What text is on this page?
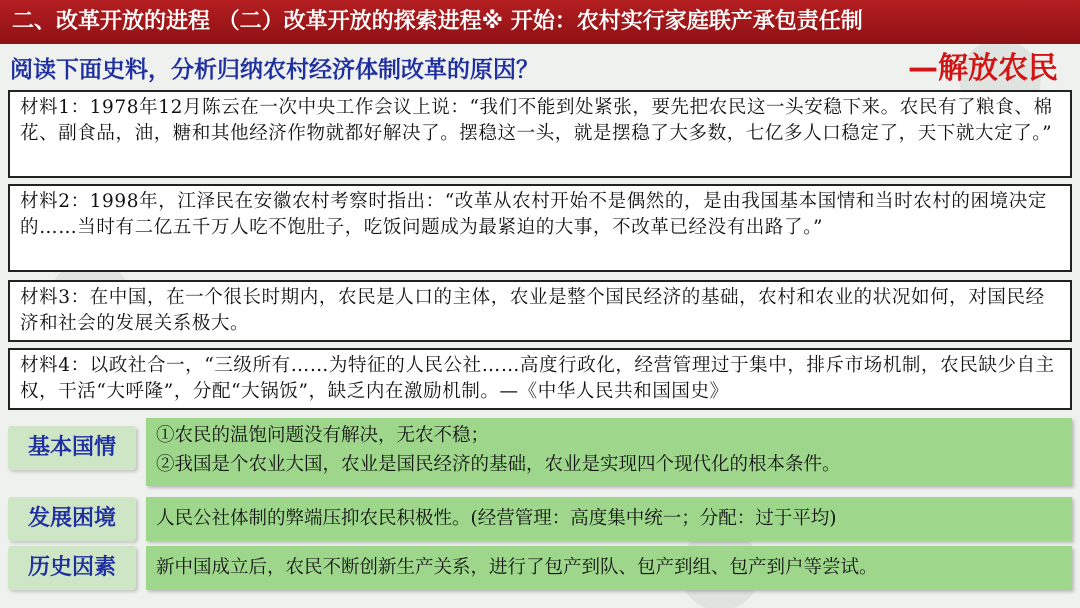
二、改革开放的进程 （二）改革开放的探索进程※ 开始：农村实行家庭联产承包责任制
阅读下面史料，分析归纳农村经济体制改革的原因？	—解放农民
材料1：1978年12月陈云在一次中央工作会议上说：“我们不能到处紧张，要先把农民这一头安稳下来。农民有了粮食、棉花、副食品，油，糖和其他经济作物就都好解决了。摆稳这一头，就是摆稳了大多数，七亿多人口稳定了，天下就大定了。”
材料2：1998年，江泽民在安徽农村考察时指出：“改革从农村开始不是偶然的，是由我国基本国情和当时农村的困境决定的……当时有二亿五千万人吃不饱肚子，吃饭问题成为最紧迫的大事，不改革已经没有出路了。”
材料3：在中国，在一个很长时期内，农民是人口的主体，农业是整个国民经济的基础，农村和农业的状况如何，对国民经济和社会的发展关系极大。
材料4：以政社合一，“三级所有……为特征的人民公社……高度行政化，经营管理过于集中，排斥市场机制，农民缺少自主权，干活“大呼隆”，分配“大锅饭”，缺乏内在激励机制。—《中华人民共和国国史》
基本国情	①农民的温饱问题没有解决，无农不稳；
②我国是个农业大国，农业是国民经济的基础，农业是实现四个现代化的根本条件。
发展困境	人民公社体制的弊端压抑农民积极性。(经营管理：高度集中统一；分配：过于平均)
历史因素	新中国成立后，农民不断创新生产关系，进行了包产到队、包产到组、包产到户等尝试。
